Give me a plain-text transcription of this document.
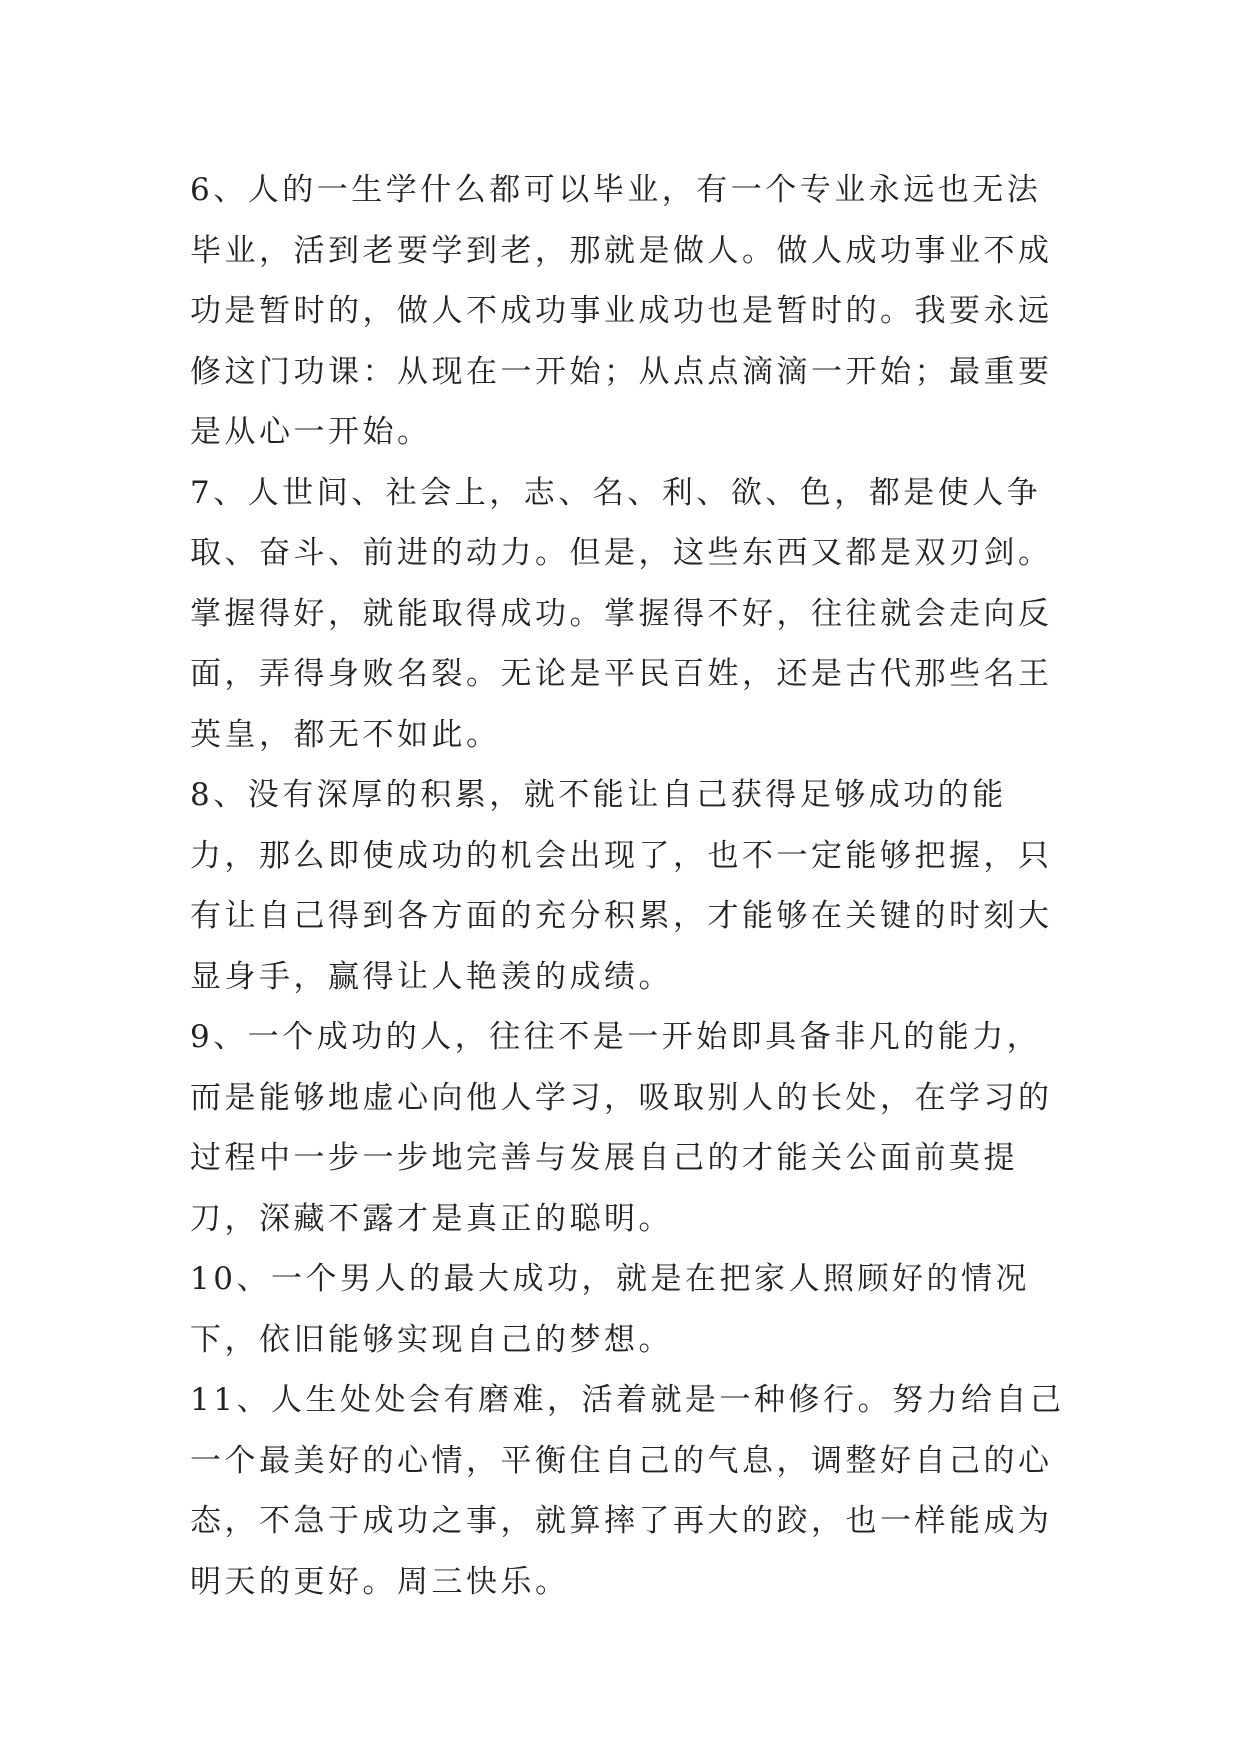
6、人的一生学什么都可以毕业，有一个专业永远也无法毕业，活到老要学到老，那就是做人。做人成功事业不成功是暂时的，做人不成功事业成功也是暂时的。我要永远修这门功课：从现在一开始；从点点滴滴一开始；最重要是从心一开始。

7、人世间、社会上，志、名、利、欲、色，都是使人争取、奋斗、前进的动力。但是，这些东西又都是双刃剑。掌握得好，就能取得成功。掌握得不好，往往就会走向反面，弄得身败名裂。无论是平民百姓，还是古代那些名王英皇，都无不如此。

8、没有深厚的积累，就不能让自己获得足够成功的能力，那么即使成功的机会出现了，也不一定能够把握，只有让自己得到各方面的充分积累，才能够在关键的时刻大显身手，赢得让人艳羡的成绩。

9、一个成功的人，往往不是一开始即具备非凡的能力，而是能够地虚心向他人学习，吸取别人的长处，在学习的过程中一步一步地完善与发展自己的才能关公面前莫提刀，深藏不露才是真正的聪明。

10、一个男人的最大成功，就是在把家人照顾好的情况下，依旧能够实现自己的梦想。

11、人生处处会有磨难，活着就是一种修行。努力给自己一个最美好的心情，平衡住自己的气息，调整好自己的心态，不急于成功之事，就算摔了再大的跤，也一样能成为明天的更好。周三快乐。
